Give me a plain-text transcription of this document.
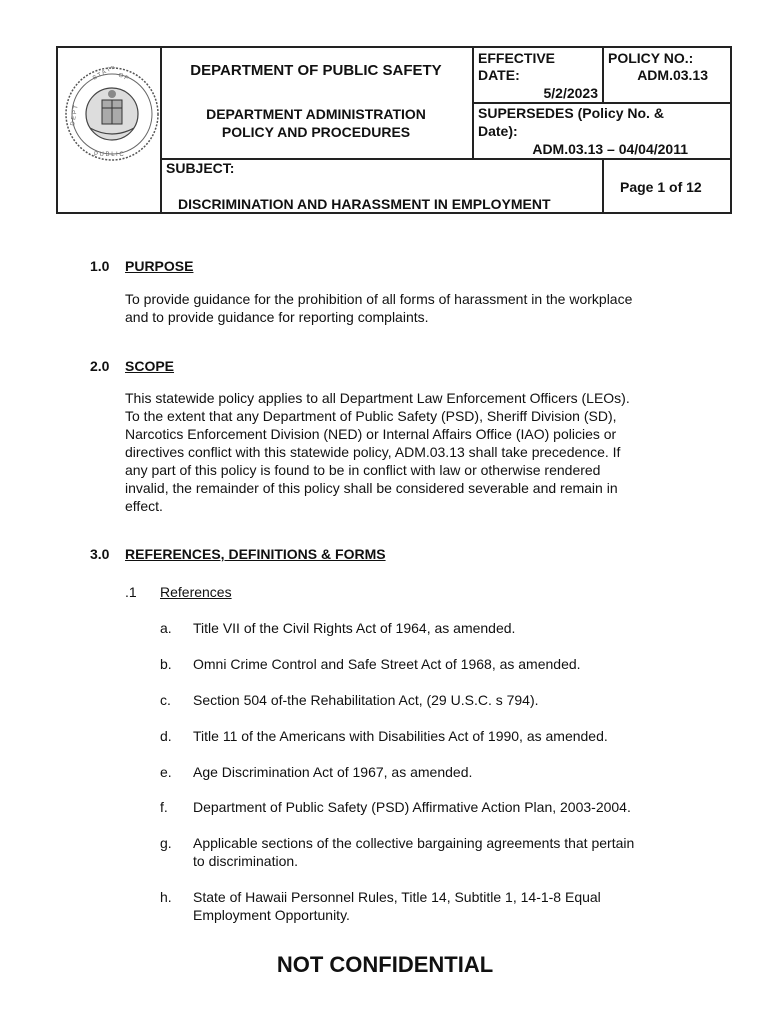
S T A T E O F
D E P T
P U B L I C
DEPARTMENT OF PUBLIC SAFETY
DEPARTMENT ADMINISTRATION
POLICY AND PROCEDURES
EFFECTIVE
DATE:
5/2/2023
POLICY NO.:
ADM.03.13
SUPERSEDES (Policy No. &
Date):
ADM.03.13 – 04/04/2011
SUBJECT:
DISCRIMINATION AND HARASSMENT IN EMPLOYMENT
Page 1 of 12
1.0 PURPOSE
To provide guidance for the prohibition of all forms of harassment in the workplace
and to provide guidance for reporting complaints.
2.0 SCOPE
This statewide policy applies to all Department Law Enforcement Officers (LEOs).
To the extent that any Department of Public Safety (PSD), Sheriff Division (SD),
Narcotics Enforcement Division (NED) or Internal Affairs Office (IAO) policies or
directives conflict with this statewide policy, ADM.03.13 shall take precedence. If
any part of this policy is found to be in conflict with law or otherwise rendered
invalid, the remainder of this policy shall be considered severable and remain in
effect.
3.0 REFERENCES, DEFINITIONS & FORMS
.1 References
a. Title VII of the Civil Rights Act of 1964, as amended.
b. Omni Crime Control and Safe Street Act of 1968, as amended.
c. Section 504 of-the Rehabilitation Act, (29 U.S.C. s 794).
d. Title 11 of the Americans with Disabilities Act of 1990, as amended.
e. Age Discrimination Act of 1967, as amended.
f. Department of Public Safety (PSD) Affirmative Action Plan, 2003-2004.
g. Applicable sections of the collective bargaining agreements that pertain
to discrimination.
h. State of Hawaii Personnel Rules, Title 14, Subtitle 1, 14-1-8 Equal
Employment Opportunity.
NOT CONFIDENTIAL
